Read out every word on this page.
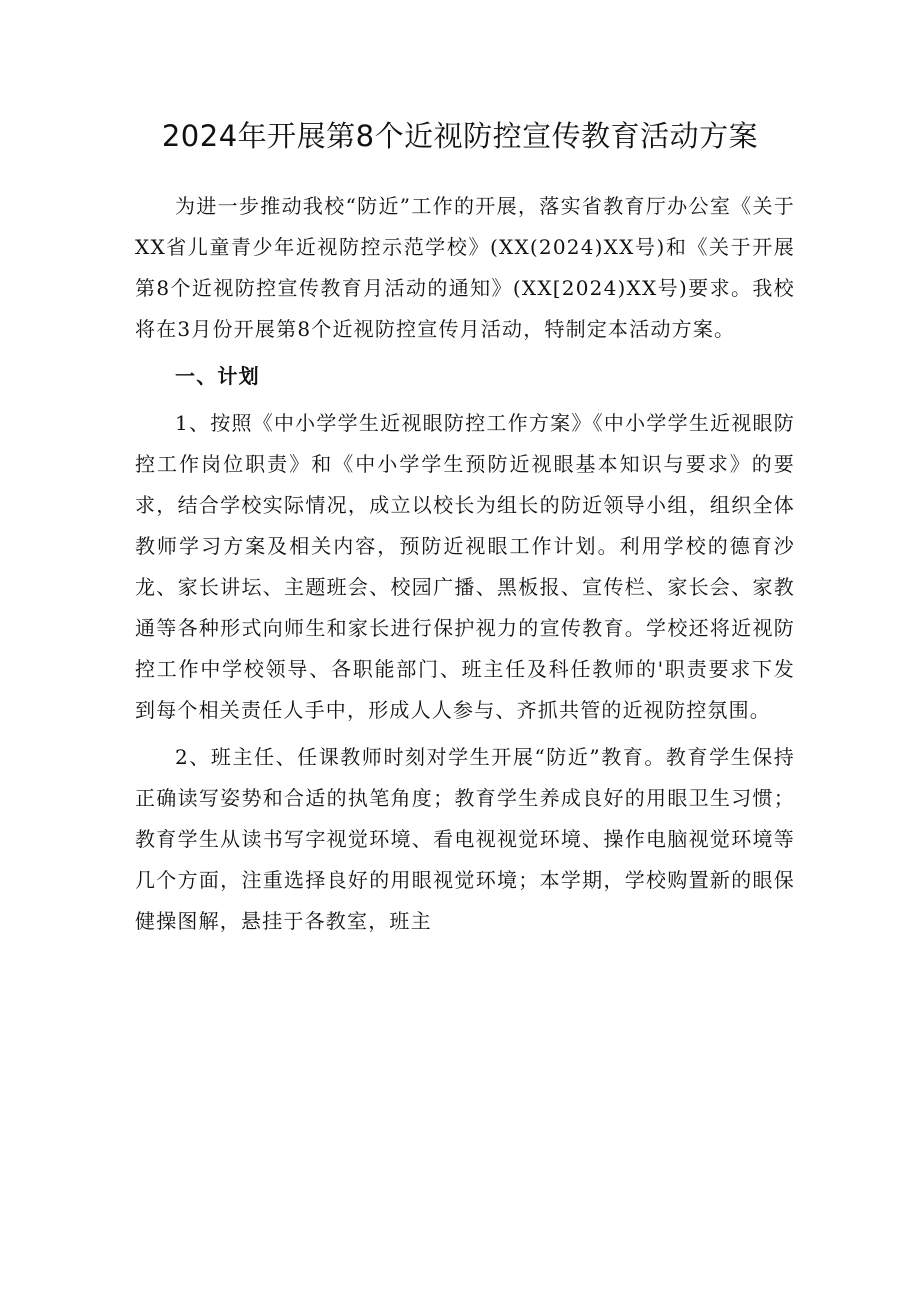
2024年开展第8个近视防控宣传教育活动方案

为进一步推动我校“防近”工作的开展，落实省教育厅办公室《关于XX省儿童青少年近视防控示范学校》(XX(2024)XX号)和《关于开展第8个近视防控宣传教育月活动的通知》(XX[2024)XX号)要求。我校将在3月份开展第8个近视防控宣传月活动，特制定本活动方案。

一、计划

1、按照《中小学学生近视眼防控工作方案》《中小学学生近视眼防控工作岗位职责》和《中小学学生预防近视眼基本知识与要求》的要求，结合学校实际情况，成立以校长为组长的防近领导小组，组织全体教师学习方案及相关内容，预防近视眼工作计划。利用学校的德育沙龙、家长讲坛、主题班会、校园广播、黑板报、宣传栏、家长会、家教通等各种形式向师生和家长进行保护视力的宣传教育。学校还将近视防控工作中学校领导、各职能部门、班主任及科任教师的'职责要求下发到每个相关责任人手中，形成人人参与、齐抓共管的近视防控氛围。

2、班主任、任课教师时刻对学生开展“防近”教育。教育学生保持正确读写姿势和合适的执笔角度；教育学生养成良好的用眼卫生习惯；教育学生从读书写字视觉环境、看电视视觉环境、操作电脑视觉环境等几个方面，注重选择良好的用眼视觉环境；本学期，学校购置新的眼保健操图解，悬挂于各教室，班主
